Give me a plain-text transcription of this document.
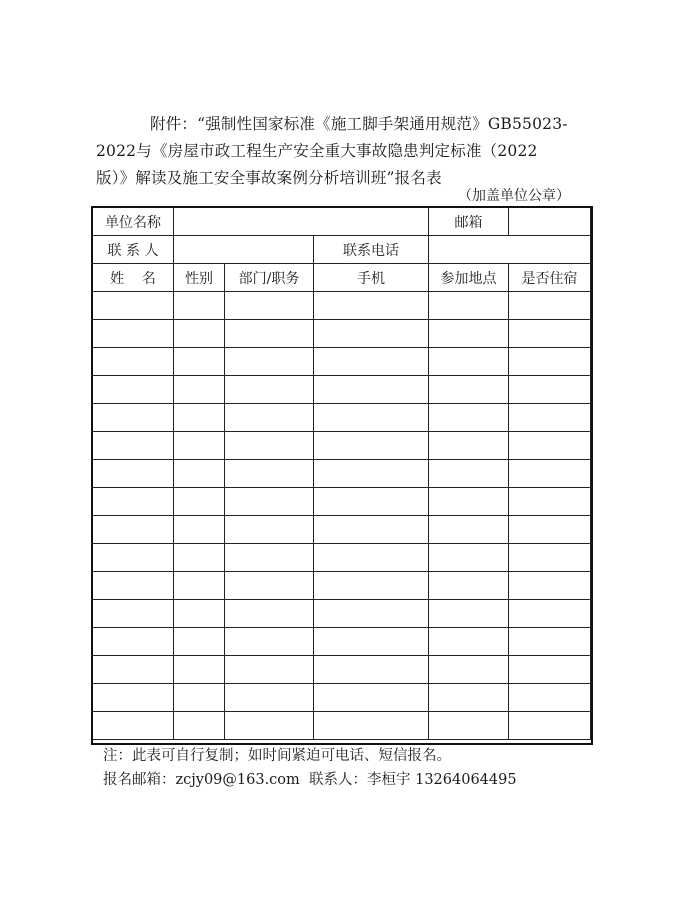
附件：“强制性国家标准《施工脚手架通用规范》GB55023-

2022与《房屋市政工程生产安全重大事故隐患判定标准（2022

版）》解读及施工安全事故案例分析培训班”报名表

（加盖单位公章）
单位名称				邮箱	
联 系 人			联系电话		
姓    名	性别	部门/职务	手机	参加地点	是否住宿

注：此表可自行复制；如时间紧迫可电话、短信报名。

报名邮箱：zcjy09@163.com  联系人：李桓宇 13264064495
